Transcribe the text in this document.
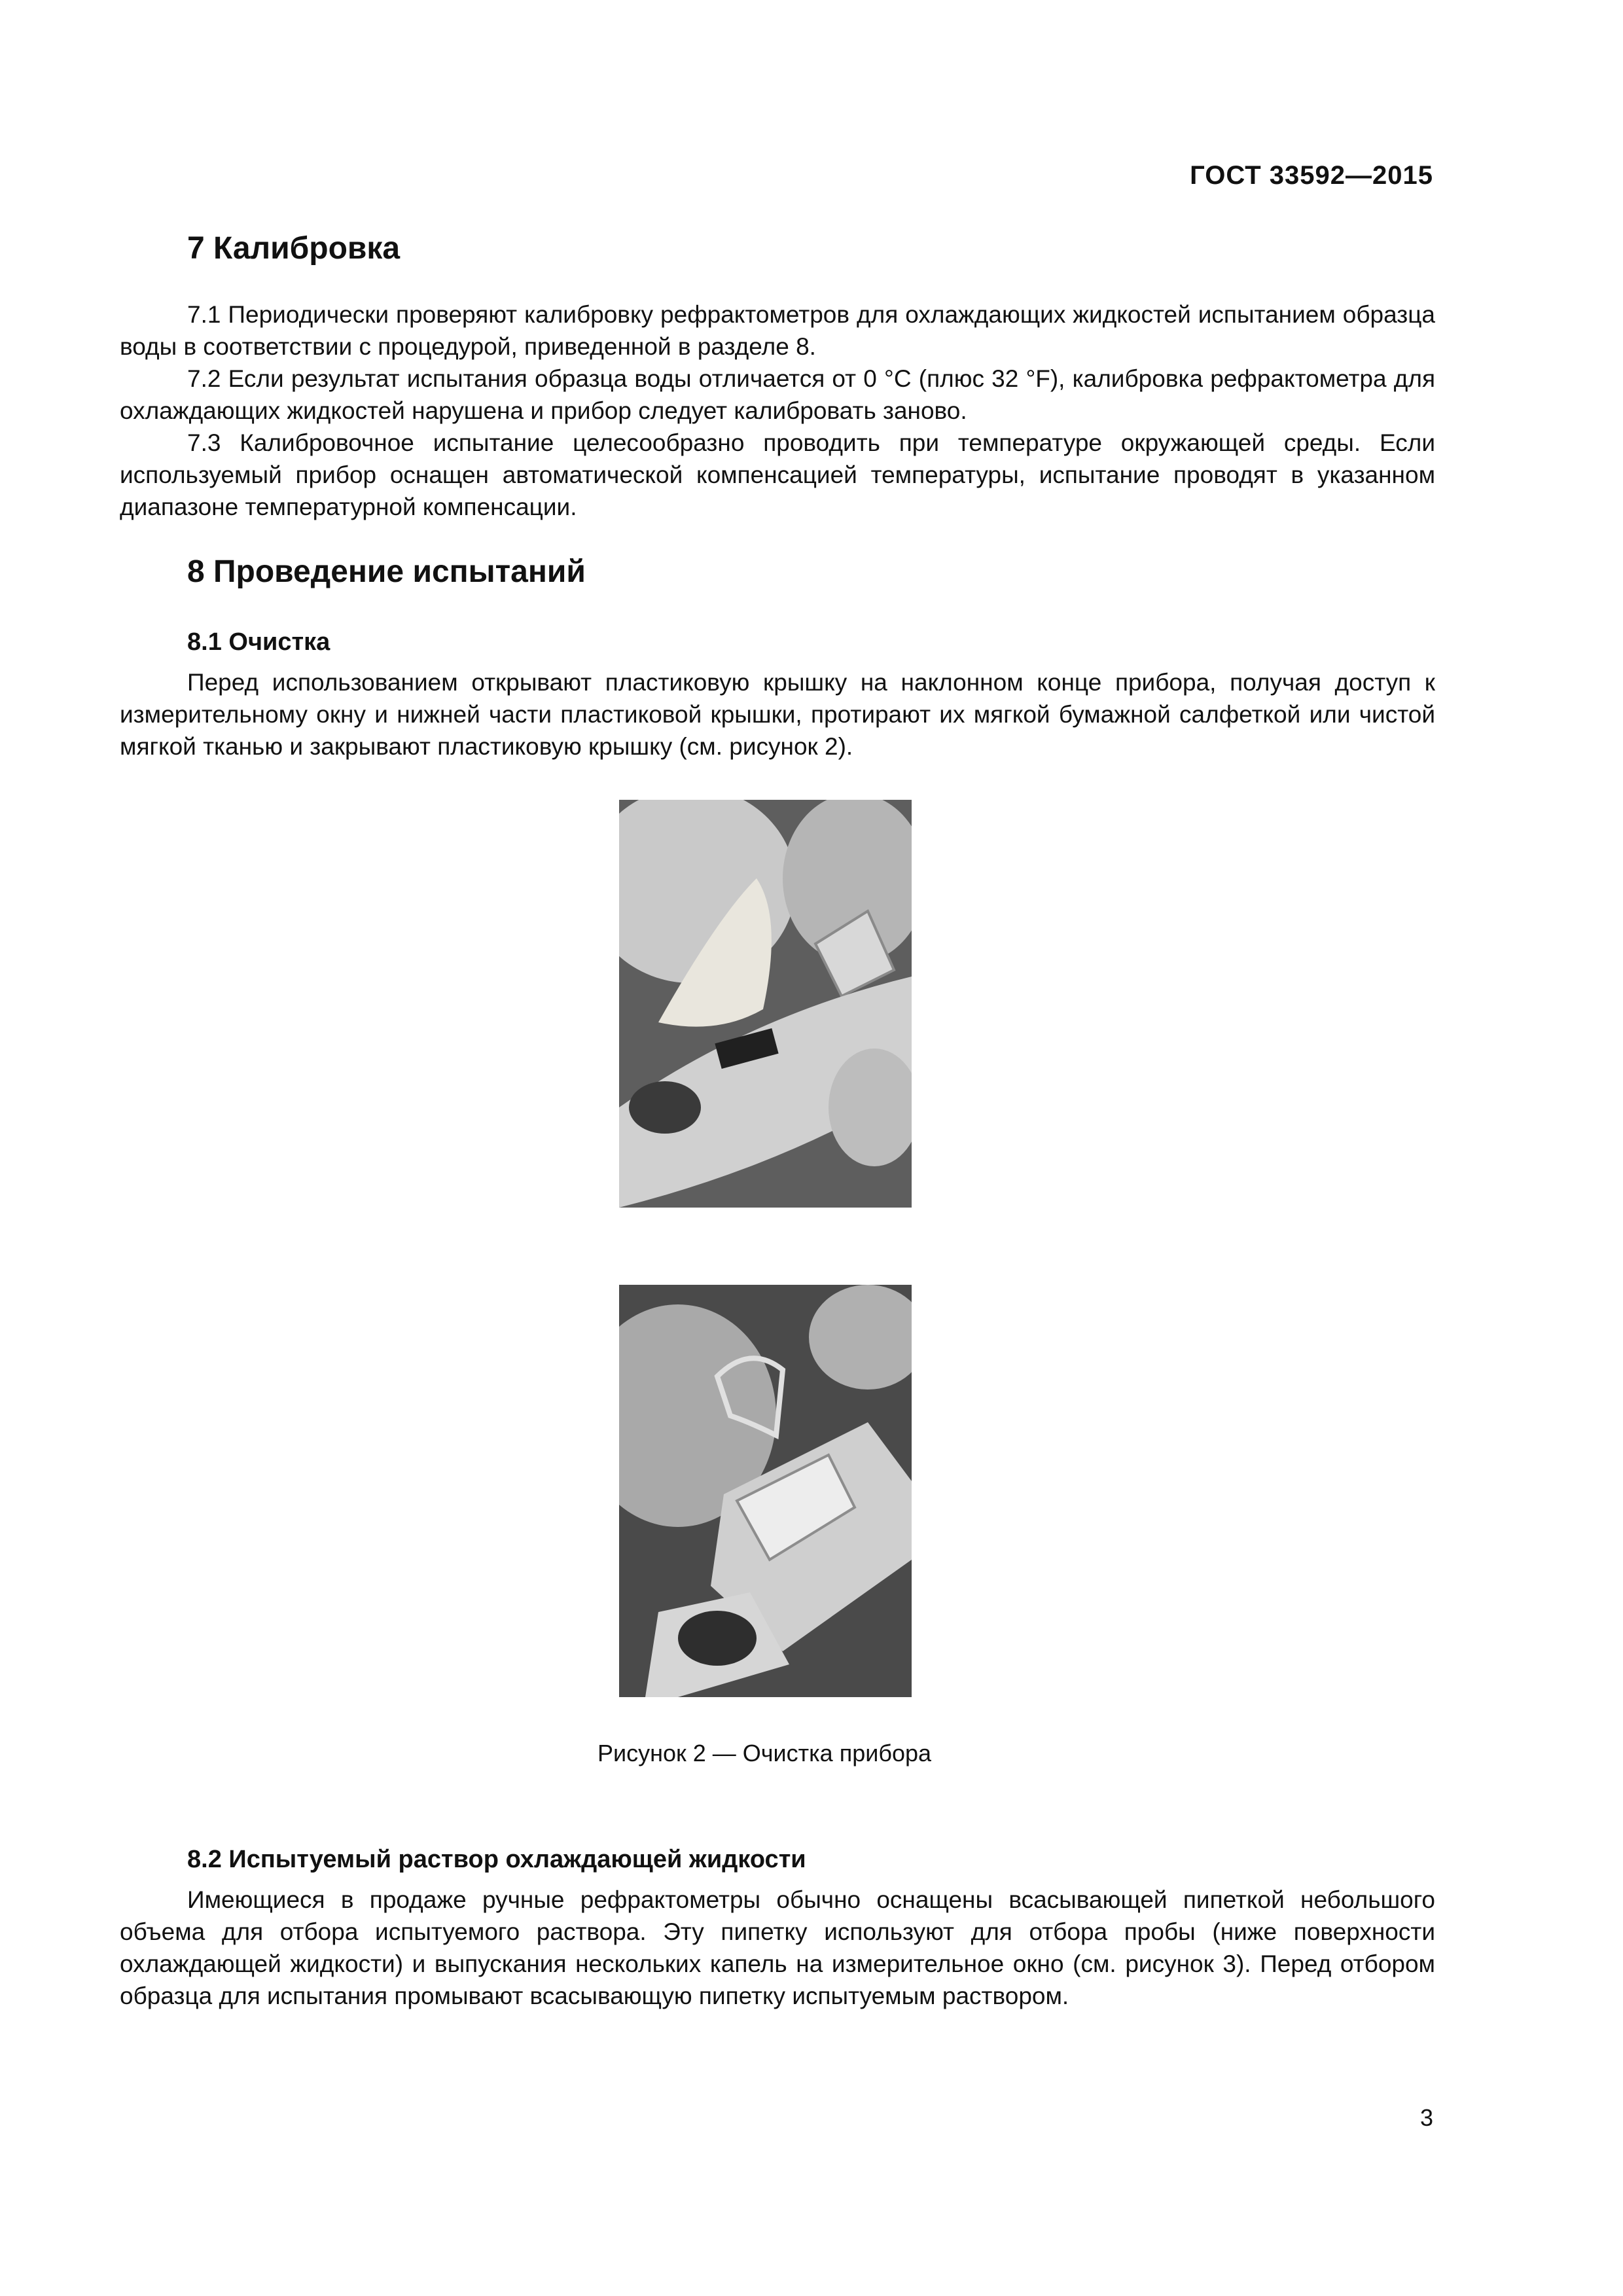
ГОСТ 33592—2015
7 Калибровка

7.1 Периодически проверяют калибровку рефрактометров для охлаждающих жидкостей испытанием образца воды в соответствии с процедурой, приведенной в разделе 8.

7.2 Если результат испытания образца воды отличается от 0 °С (плюс 32 °F), калибровка рефрактометра для охлаждающих жидкостей нарушена и прибор следует калибровать заново.

7.3 Калибровочное испытание целесообразно проводить при температуре окружающей среды. Если используемый прибор оснащен автоматической компенсацией температуры, испытание проводят в указанном диапазоне температурной компенсации.

8 Проведение испытаний
8.1 Очистка

Перед использованием открывают пластиковую крышку на наклонном конце прибора, получая доступ к измерительному окну и нижней части пластиковой крышки, протирают их мягкой бумажной салфеткой или чистой мягкой тканью и закрывают пластиковую крышку (см. рисунок 2).

Рисунок 2 — Очистка прибора
8.2 Испытуемый раствор охлаждающей жидкости

Имеющиеся в продаже ручные рефрактометры обычно оснащены всасывающей пипеткой небольшого объема для отбора испытуемого раствора. Эту пипетку используют для отбора пробы (ниже поверхности охлаждающей жидкости) и выпускания нескольких капель на измерительное окно (см. рисунок 3). Перед отбором образца для испытания промывают всасывающую пипетку испытуемым раствором.

3
